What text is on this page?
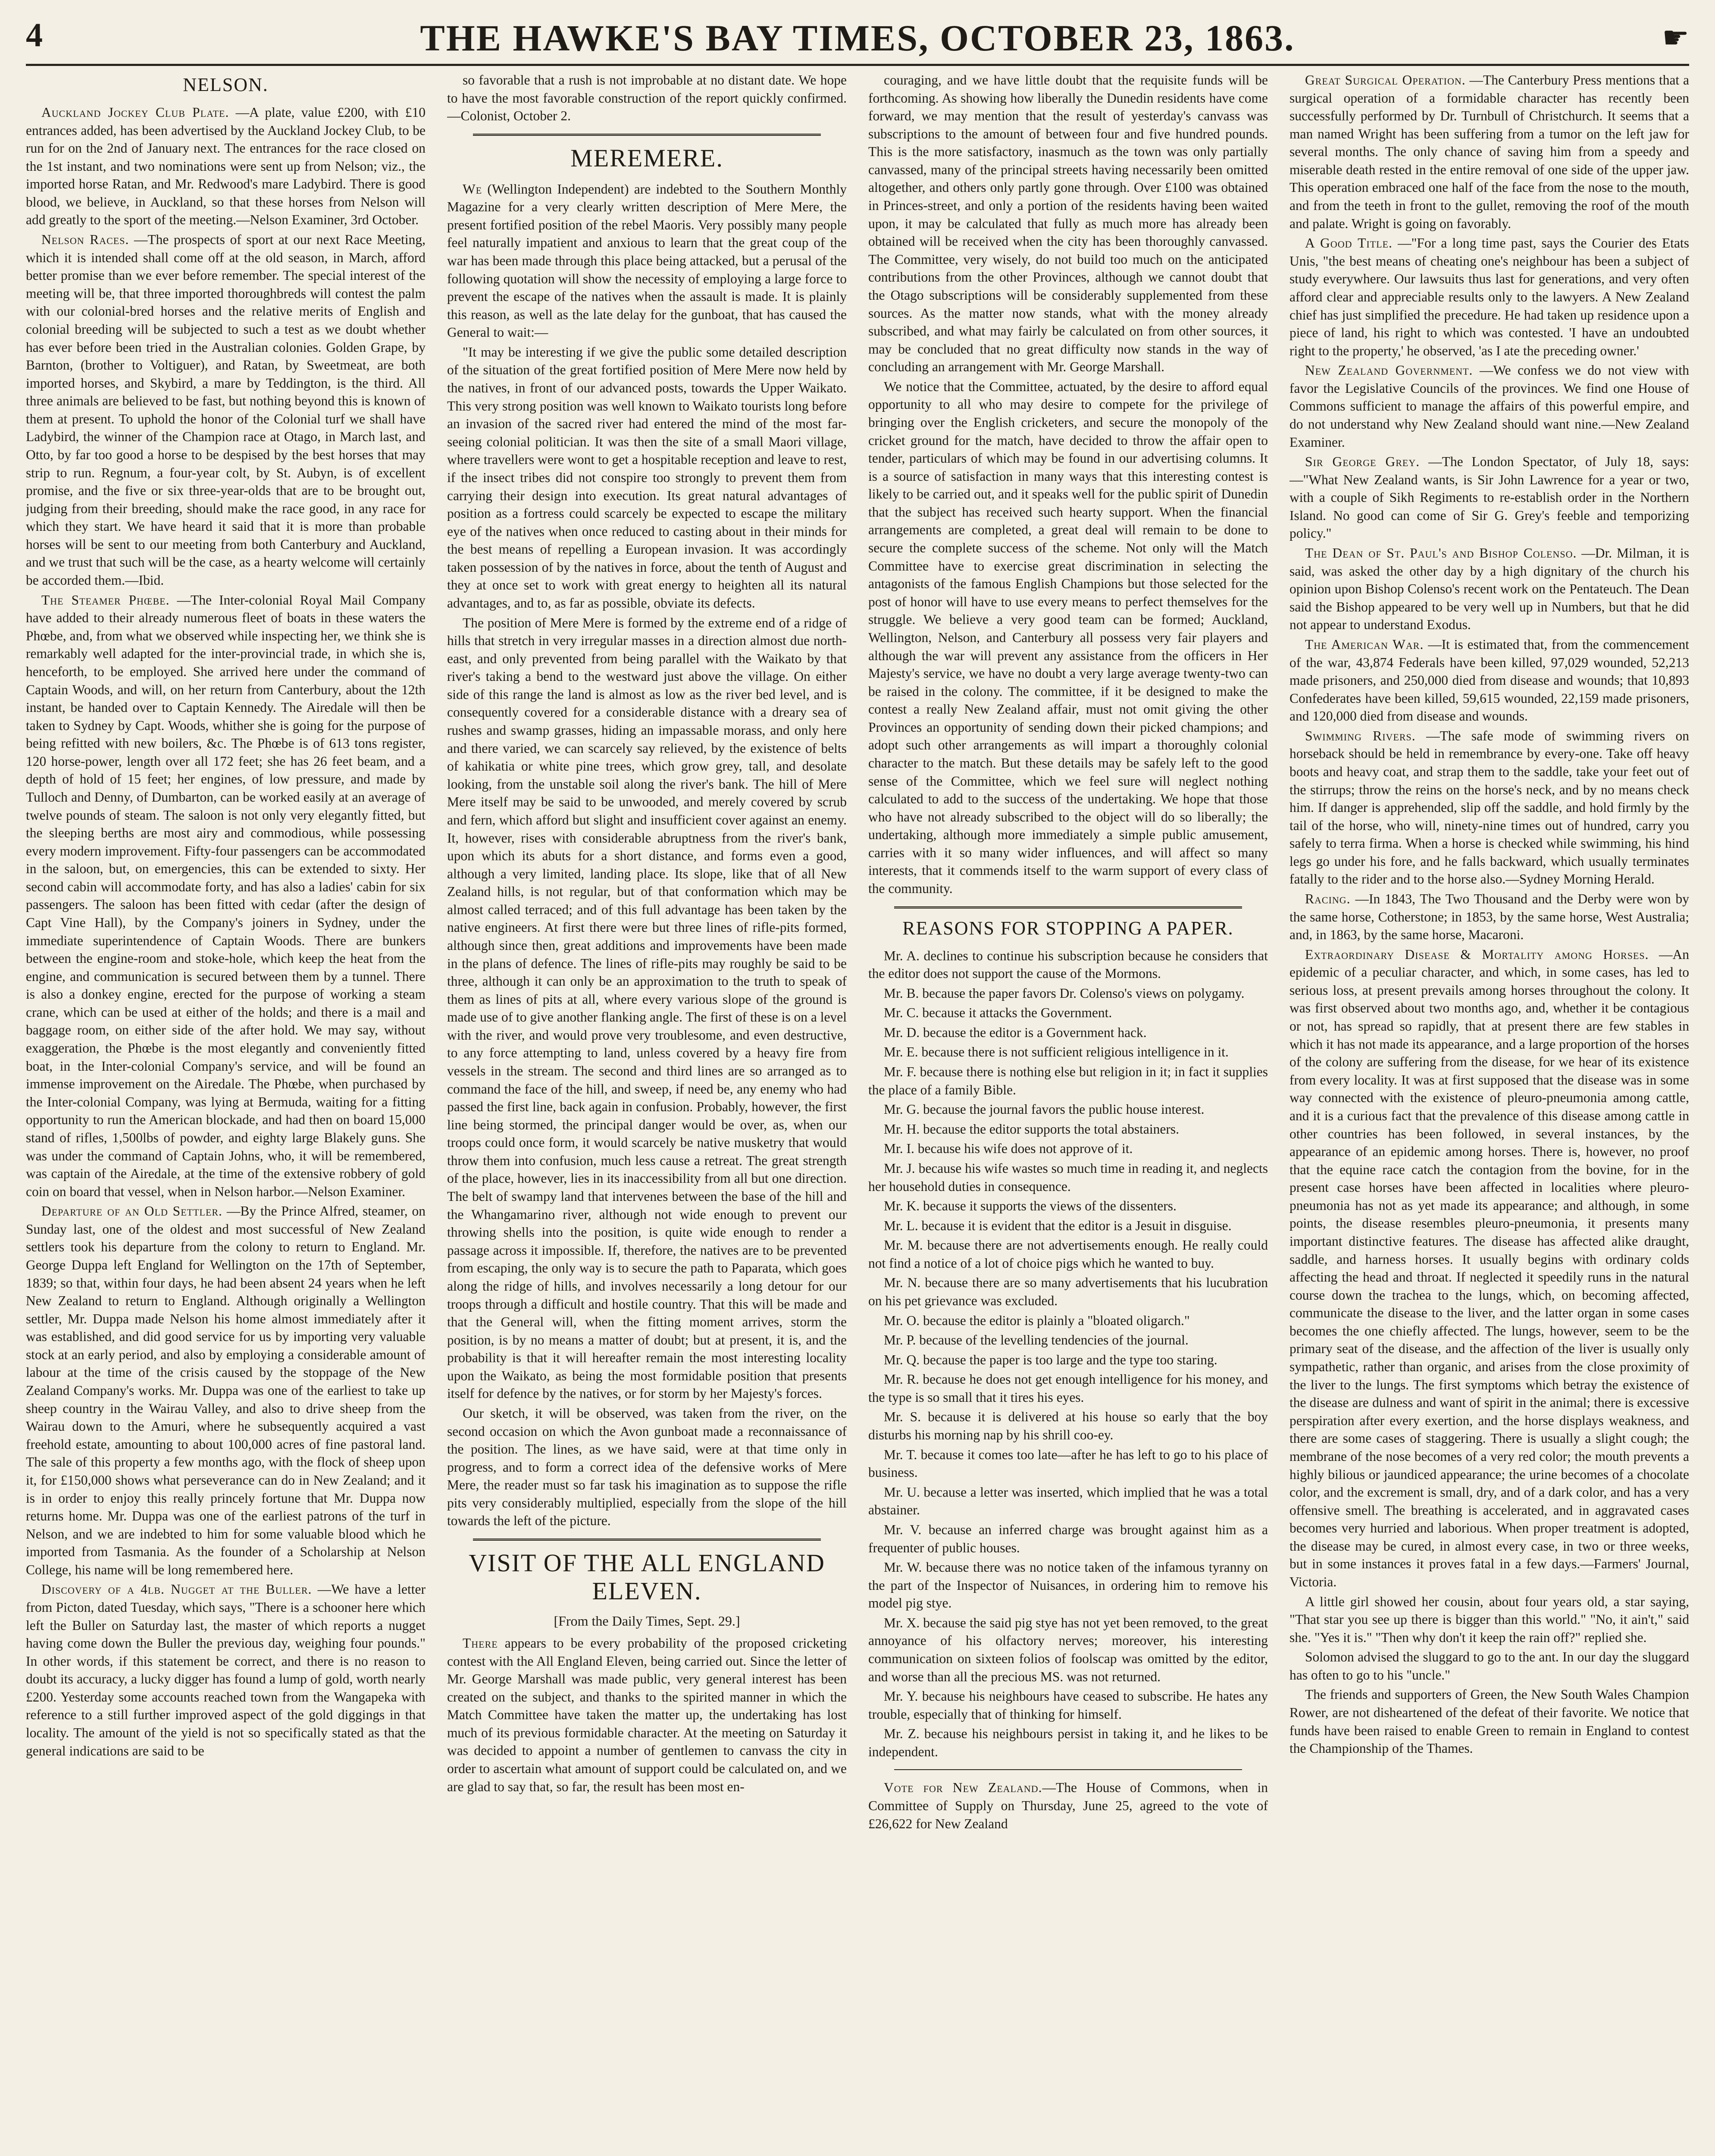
4	THE HAWKE'S BAY TIMES, OCTOBER 23, 1863.	☛
NELSON.

Auckland Jockey Club Plate. —A plate, value £200, with £10 entrances added, has been advertised by the Auckland Jockey Club, to be run for on the 2nd of January next. The entrances for the race closed on the 1st instant, and two nominations were sent up from Nelson; viz., the imported horse Ratan, and Mr. Redwood's mare Ladybird. There is good blood, we believe, in Auckland, so that these horses from Nelson will add greatly to the sport of the meeting.—Nelson Examiner, 3rd October.

Nelson Races. —The prospects of sport at our next Race Meeting, which it is intended shall come off at the old season, in March, afford better promise than we ever before remember. The special interest of the meeting will be, that three imported thoroughbreds will contest the palm with our colonial-bred horses and the relative merits of English and colonial breeding will be subjected to such a test as we doubt whether has ever before been tried in the Australian colonies. Golden Grape, by Barnton, (brother to Voltiguer), and Ratan, by Sweetmeat, are both imported horses, and Skybird, a mare by Teddington, is the third. All three animals are believed to be fast, but nothing beyond this is known of them at present. To uphold the honor of the Colonial turf we shall have Ladybird, the winner of the Champion race at Otago, in March last, and Otto, by far too good a horse to be despised by the best horses that may strip to run. Regnum, a four-year colt, by St. Aubyn, is of excellent promise, and the five or six three-year-olds that are to be brought out, judging from their breeding, should make the race good, in any race for which they start. We have heard it said that it is more than probable horses will be sent to our meeting from both Canterbury and Auckland, and we trust that such will be the case, as a hearty welcome will certainly be accorded them.—Ibid.

The Steamer Phœbe. —The Inter-colonial Royal Mail Company have added to their already numerous fleet of boats in these waters the Phœbe, and, from what we observed while inspecting her, we think she is remarkably well adapted for the inter-provincial trade, in which she is, henceforth, to be employed. She arrived here under the command of Captain Woods, and will, on her return from Canterbury, about the 12th instant, be handed over to Captain Kennedy. The Airedale will then be taken to Sydney by Capt. Woods, whither she is going for the purpose of being refitted with new boilers, &c. The Phœbe is of 613 tons register, 120 horse-power, length over all 172 feet; she has 26 feet beam, and a depth of hold of 15 feet; her engines, of low pressure, and made by Tulloch and Denny, of Dumbarton, can be worked easily at an average of twelve pounds of steam. The saloon is not only very elegantly fitted, but the sleeping berths are most airy and commodious, while possessing every modern improvement. Fifty-four passengers can be accommodated in the saloon, but, on emergencies, this can be extended to sixty. Her second cabin will accommodate forty, and has also a ladies' cabin for six passengers. The saloon has been fitted with cedar (after the design of Capt Vine Hall), by the Company's joiners in Sydney, under the immediate superintendence of Captain Woods. There are bunkers between the engine-room and stoke-hole, which keep the heat from the engine, and communication is secured between them by a tunnel. There is also a donkey engine, erected for the purpose of working a steam crane, which can be used at either of the holds; and there is a mail and baggage room, on either side of the after hold. We may say, without exaggeration, the Phœbe is the most elegantly and conveniently fitted boat, in the Inter-colonial Company's service, and will be found an immense improvement on the Airedale. The Phœbe, when purchased by the Inter-colonial Company, was lying at Bermuda, waiting for a fitting opportunity to run the American blockade, and had then on board 15,000 stand of rifles, 1,500lbs of powder, and eighty large Blakely guns. She was under the command of Captain Johns, who, it will be remembered, was captain of the Airedale, at the time of the extensive robbery of gold coin on board that vessel, when in Nelson harbor.—Nelson Examiner.

Departure of an Old Settler. —By the Prince Alfred, steamer, on Sunday last, one of the oldest and most successful of New Zealand settlers took his departure from the colony to return to England. Mr. George Duppa left England for Wellington on the 17th of September, 1839; so that, within four days, he had been absent 24 years when he left New Zealand to return to England. Although originally a Wellington settler, Mr. Duppa made Nelson his home almost immediately after it was established, and did good service for us by importing very valuable stock at an early period, and also by employing a considerable amount of labour at the time of the crisis caused by the stoppage of the New Zealand Company's works. Mr. Duppa was one of the earliest to take up sheep country in the Wairau Valley, and also to drive sheep from the Wairau down to the Amuri, where he subsequently acquired a vast freehold estate, amounting to about 100,000 acres of fine pastoral land. The sale of this property a few months ago, with the flock of sheep upon it, for £150,000 shows what perseverance can do in New Zealand; and it is in order to enjoy this really princely fortune that Mr. Duppa now returns home. Mr. Duppa was one of the earliest patrons of the turf in Nelson, and we are indebted to him for some valuable blood which he imported from Tasmania. As the founder of a Scholarship at Nelson College, his name will be long remembered here.

Discovery of a 4lb. Nugget at the Buller. —We have a letter from Picton, dated Tuesday, which says, "There is a schooner here which left the Buller on Saturday last, the master of which reports a nugget having come down the Buller the previous day, weighing four pounds." In other words, if this statement be correct, and there is no reason to doubt its accuracy, a lucky digger has found a lump of gold, worth nearly £200. Yesterday some accounts reached town from the Wangapeka with reference to a still further improved aspect of the gold diggings in that locality. The amount of the yield is not so specifically stated as that the general indications are said to be

so favorable that a rush is not improbable at no distant date. We hope to have the most favorable construction of the report quickly confirmed.—Colonist, October 2.

MEREMERE.

We (Wellington Independent) are indebted to the Southern Monthly Magazine for a very clearly written description of Mere Mere, the present fortified position of the rebel Maoris. Very possibly many people feel naturally impatient and anxious to learn that the great coup of the war has been made through this place being attacked, but a perusal of the following quotation will show the necessity of employing a large force to prevent the escape of the natives when the assault is made. It is plainly this reason, as well as the late delay for the gunboat, that has caused the General to wait:—

"It may be interesting if we give the public some detailed description of the situation of the great fortified position of Mere Mere now held by the natives, in front of our advanced posts, towards the Upper Waikato. This very strong position was well known to Waikato tourists long before an invasion of the sacred river had entered the mind of the most far-seeing colonial politician. It was then the site of a small Maori village, where travellers were wont to get a hospitable reception and leave to rest, if the insect tribes did not conspire too strongly to prevent them from carrying their design into execution. Its great natural advantages of position as a fortress could scarcely be expected to escape the military eye of the natives when once reduced to casting about in their minds for the best means of repelling a European invasion. It was accordingly taken possession of by the natives in force, about the tenth of August and they at once set to work with great energy to heighten all its natural advantages, and to, as far as possible, obviate its defects.

The position of Mere Mere is formed by the extreme end of a ridge of hills that stretch in very irregular masses in a direction almost due north-east, and only prevented from being parallel with the Waikato by that river's taking a bend to the westward just above the village. On either side of this range the land is almost as low as the river bed level, and is consequently covered for a considerable distance with a dreary sea of rushes and swamp grasses, hiding an impassable morass, and only here and there varied, we can scarcely say relieved, by the existence of belts of kahikatia or white pine trees, which grow grey, tall, and desolate looking, from the unstable soil along the river's bank. The hill of Mere Mere itself may be said to be unwooded, and merely covered by scrub and fern, which afford but slight and insufficient cover against an enemy. It, however, rises with considerable abruptness from the river's bank, upon which its abuts for a short distance, and forms even a good, although a very limited, landing place. Its slope, like that of all New Zealand hills, is not regular, but of that conformation which may be almost called terraced; and of this full advantage has been taken by the native engineers. At first there were but three lines of rifle-pits formed, although since then, great additions and improvements have been made in the plans of defence. The lines of rifle-pits may roughly be said to be three, although it can only be an approximation to the truth to speak of them as lines of pits at all, where every various slope of the ground is made use of to give another flanking angle. The first of these is on a level with the river, and would prove very troublesome, and even destructive, to any force attempting to land, unless covered by a heavy fire from vessels in the stream. The second and third lines are so arranged as to command the face of the hill, and sweep, if need be, any enemy who had passed the first line, back again in confusion. Probably, however, the first line being stormed, the principal danger would be over, as, when our troops could once form, it would scarcely be native musketry that would throw them into confusion, much less cause a retreat. The great strength of the place, however, lies in its inaccessibility from all but one direction. The belt of swampy land that intervenes between the base of the hill and the Whangamarino river, although not wide enough to prevent our throwing shells into the position, is quite wide enough to render a passage across it impossible. If, therefore, the natives are to be prevented from escaping, the only way is to secure the path to Paparata, which goes along the ridge of hills, and involves necessarily a long detour for our troops through a difficult and hostile country. That this will be made and that the General will, when the fitting moment arrives, storm the position, is by no means a matter of doubt; but at present, it is, and the probability is that it will hereafter remain the most interesting locality upon the Waikato, as being the most formidable position that presents itself for defence by the natives, or for storm by her Majesty's forces.

Our sketch, it will be observed, was taken from the river, on the second occasion on which the Avon gunboat made a reconnaissance of the position. The lines, as we have said, were at that time only in progress, and to form a correct idea of the defensive works of Mere Mere, the reader must so far task his imagination as to suppose the rifle pits very considerably multiplied, especially from the slope of the hill towards the left of the picture.

VISIT OF THE ALL ENGLAND ELEVEN.
[From the Daily Times, Sept. 29.]

There appears to be every probability of the proposed cricketing contest with the All England Eleven, being carried out. Since the letter of Mr. George Marshall was made public, very general interest has been created on the subject, and thanks to the spirited manner in which the Match Committee have taken the matter up, the undertaking has lost much of its previous formidable character. At the meeting on Saturday it was decided to appoint a number of gentlemen to canvass the city in order to ascertain what amount of support could be calculated on, and we are glad to say that, so far, the result has been most en-

couraging, and we have little doubt that the requisite funds will be forthcoming. As showing how liberally the Dunedin residents have come forward, we may mention that the result of yesterday's canvass was subscriptions to the amount of between four and five hundred pounds. This is the more satisfactory, inasmuch as the town was only partially canvassed, many of the principal streets having necessarily been omitted altogether, and others only partly gone through. Over £100 was obtained in Princes-street, and only a portion of the residents having been waited upon, it may be calculated that fully as much more has already been obtained will be received when the city has been thoroughly canvassed. The Committee, very wisely, do not build too much on the anticipated contributions from the other Provinces, although we cannot doubt that the Otago subscriptions will be considerably supplemented from these sources. As the matter now stands, what with the money already subscribed, and what may fairly be calculated on from other sources, it may be concluded that no great difficulty now stands in the way of concluding an arrangement with Mr. George Marshall.

We notice that the Committee, actuated, by the desire to afford equal opportunity to all who may desire to compete for the privilege of bringing over the English cricketers, and secure the monopoly of the cricket ground for the match, have decided to throw the affair open to tender, particulars of which may be found in our advertising columns. It is a source of satisfaction in many ways that this interesting contest is likely to be carried out, and it speaks well for the public spirit of Dunedin that the subject has received such hearty support. When the financial arrangements are completed, a great deal will remain to be done to secure the complete success of the scheme. Not only will the Match Committee have to exercise great discrimination in selecting the antagonists of the famous English Champions but those selected for the post of honor will have to use every means to perfect themselves for the struggle. We believe a very good team can be formed; Auckland, Wellington, Nelson, and Canterbury all possess very fair players and although the war will prevent any assistance from the officers in Her Majesty's service, we have no doubt a very large average twenty-two can be raised in the colony. The committee, if it be designed to make the contest a really New Zealand affair, must not omit giving the other Provinces an opportunity of sending down their picked champions; and adopt such other arrangements as will impart a thoroughly colonial character to the match. But these details may be safely left to the good sense of the Committee, which we feel sure will neglect nothing calculated to add to the success of the undertaking. We hope that those who have not already subscribed to the object will do so liberally; the undertaking, although more immediately a simple public amusement, carries with it so many wider influences, and will affect so many interests, that it commends itself to the warm support of every class of the community.

REASONS FOR STOPPING A PAPER.

Mr. A. declines to continue his subscription because he considers that the editor does not support the cause of the Mormons.

Mr. B. because the paper favors Dr. Colenso's views on polygamy.

Mr. C. because it attacks the Government.

Mr. D. because the editor is a Government hack.

Mr. E. because there is not sufficient religious intelligence in it.

Mr. F. because there is nothing else but religion in it; in fact it supplies the place of a family Bible.

Mr. G. because the journal favors the public house interest.

Mr. H. because the editor supports the total abstainers.

Mr. I. because his wife does not approve of it.

Mr. J. because his wife wastes so much time in reading it, and neglects her household duties in consequence.

Mr. K. because it supports the views of the dissenters.

Mr. L. because it is evident that the editor is a Jesuit in disguise.

Mr. M. because there are not advertisements enough. He really could not find a notice of a lot of choice pigs which he wanted to buy.

Mr. N. because there are so many advertisements that his lucubration on his pet grievance was excluded.

Mr. O. because the editor is plainly a "bloated oligarch."

Mr. P. because of the levelling tendencies of the journal.

Mr. Q. because the paper is too large and the type too staring.

Mr. R. because he does not get enough intelligence for his money, and the type is so small that it tires his eyes.

Mr. S. because it is delivered at his house so early that the boy disturbs his morning nap by his shrill coo-ey.

Mr. T. because it comes too late—after he has left to go to his place of business.

Mr. U. because a letter was inserted, which implied that he was a total abstainer.

Mr. V. because an inferred charge was brought against him as a frequenter of public houses.

Mr. W. because there was no notice taken of the infamous tyranny on the part of the Inspector of Nuisances, in ordering him to remove his model pig stye.

Mr. X. because the said pig stye has not yet been removed, to the great annoyance of his olfactory nerves; moreover, his interesting communication on sixteen folios of foolscap was omitted by the editor, and worse than all the precious MS. was not returned.

Mr. Y. because his neighbours have ceased to subscribe. He hates any trouble, especially that of thinking for himself.

Mr. Z. because his neighbours persist in taking it, and he likes to be independent.

Vote for New Zealand.—The House of Commons, when in Committee of Supply on Thursday, June 25, agreed to the vote of £26,622 for New Zealand

Great Surgical Operation. —The Canterbury Press mentions that a surgical operation of a formidable character has recently been successfully performed by Dr. Turnbull of Christchurch. It seems that a man named Wright has been suffering from a tumor on the left jaw for several months. The only chance of saving him from a speedy and miserable death rested in the entire removal of one side of the upper jaw. This operation embraced one half of the face from the nose to the mouth, and from the teeth in front to the gullet, removing the roof of the mouth and palate. Wright is going on favorably.

A Good Title. —"For a long time past, says the Courier des Etats Unis, "the best means of cheating one's neighbour has been a subject of study everywhere. Our lawsuits thus last for generations, and very often afford clear and appreciable results only to the lawyers. A New Zealand chief has just simplified the precedure. He had taken up residence upon a piece of land, his right to which was contested. 'I have an undoubted right to the property,' he observed, 'as I ate the preceding owner.'

New Zealand Government. —We confess we do not view with favor the Legislative Councils of the provinces. We find one House of Commons sufficient to manage the affairs of this powerful empire, and do not understand why New Zealand should want nine.—New Zealand Examiner.

Sir George Grey. —The London Spectator, of July 18, says:—"What New Zealand wants, is Sir John Lawrence for a year or two, with a couple of Sikh Regiments to re-establish order in the Northern Island. No good can come of Sir G. Grey's feeble and temporizing policy."

The Dean of St. Paul's and Bishop Colenso. —Dr. Milman, it is said, was asked the other day by a high dignitary of the church his opinion upon Bishop Colenso's recent work on the Pentateuch. The Dean said the Bishop appeared to be very well up in Numbers, but that he did not appear to understand Exodus.

The American War. —It is estimated that, from the commencement of the war, 43,874 Federals have been killed, 97,029 wounded, 52,213 made prisoners, and 250,000 died from disease and wounds; that 10,893 Confederates have been killed, 59,615 wounded, 22,159 made prisoners, and 120,000 died from disease and wounds.

Swimming Rivers. —The safe mode of swimming rivers on horseback should be held in remembrance by every-one. Take off heavy boots and heavy coat, and strap them to the saddle, take your feet out of the stirrups; throw the reins on the horse's neck, and by no means check him. If danger is apprehended, slip off the saddle, and hold firmly by the tail of the horse, who will, ninety-nine times out of hundred, carry you safely to terra firma. When a horse is checked while swimming, his hind legs go under his fore, and he falls backward, which usually terminates fatally to the rider and to the horse also.—Sydney Morning Herald.

Racing. —In 1843, The Two Thousand and the Derby were won by the same horse, Cotherstone; in 1853, by the same horse, West Australia; and, in 1863, by the same horse, Macaroni.

Extraordinary Disease & Mortality among Horses. —An epidemic of a peculiar character, and which, in some cases, has led to serious loss, at present prevails among horses throughout the colony. It was first observed about two months ago, and, whether it be contagious or not, has spread so rapidly, that at present there are few stables in which it has not made its appearance, and a large proportion of the horses of the colony are suffering from the disease, for we hear of its existence from every locality. It was at first supposed that the disease was in some way connected with the existence of pleuro-pneumonia among cattle, and it is a curious fact that the prevalence of this disease among cattle in other countries has been followed, in several instances, by the appearance of an epidemic among horses. There is, however, no proof that the equine race catch the contagion from the bovine, for in the present case horses have been affected in localities where pleuro-pneumonia has not as yet made its appearance; and although, in some points, the disease resembles pleuro-pneumonia, it presents many important distinctive features. The disease has affected alike draught, saddle, and harness horses. It usually begins with ordinary colds affecting the head and throat. If neglected it speedily runs in the natural course down the trachea to the lungs, which, on becoming affected, communicate the disease to the liver, and the latter organ in some cases becomes the one chiefly affected. The lungs, however, seem to be the primary seat of the disease, and the affection of the liver is usually only sympathetic, rather than organic, and arises from the close proximity of the liver to the lungs. The first symptoms which betray the existence of the disease are dulness and want of spirit in the animal; there is excessive perspiration after every exertion, and the horse displays weakness, and there are some cases of staggering. There is usually a slight cough; the membrane of the nose becomes of a very red color; the mouth prevents a highly bilious or jaundiced appearance; the urine becomes of a chocolate color, and the excrement is small, dry, and of a dark color, and has a very offensive smell. The breathing is accelerated, and in aggravated cases becomes very hurried and laborious. When proper treatment is adopted, the disease may be cured, in almost every case, in two or three weeks, but in some instances it proves fatal in a few days.—Farmers' Journal, Victoria.

A little girl showed her cousin, about four years old, a star saying, "That star you see up there is bigger than this world." "No, it ain't," said she. "Yes it is." "Then why don't it keep the rain off?" replied she.

Solomon advised the sluggard to go to the ant. In our day the sluggard has often to go to his "uncle."

The friends and supporters of Green, the New South Wales Champion Rower, are not disheartened of the defeat of their favorite. We notice that funds have been raised to enable Green to remain in England to contest the Championship of the Thames.
